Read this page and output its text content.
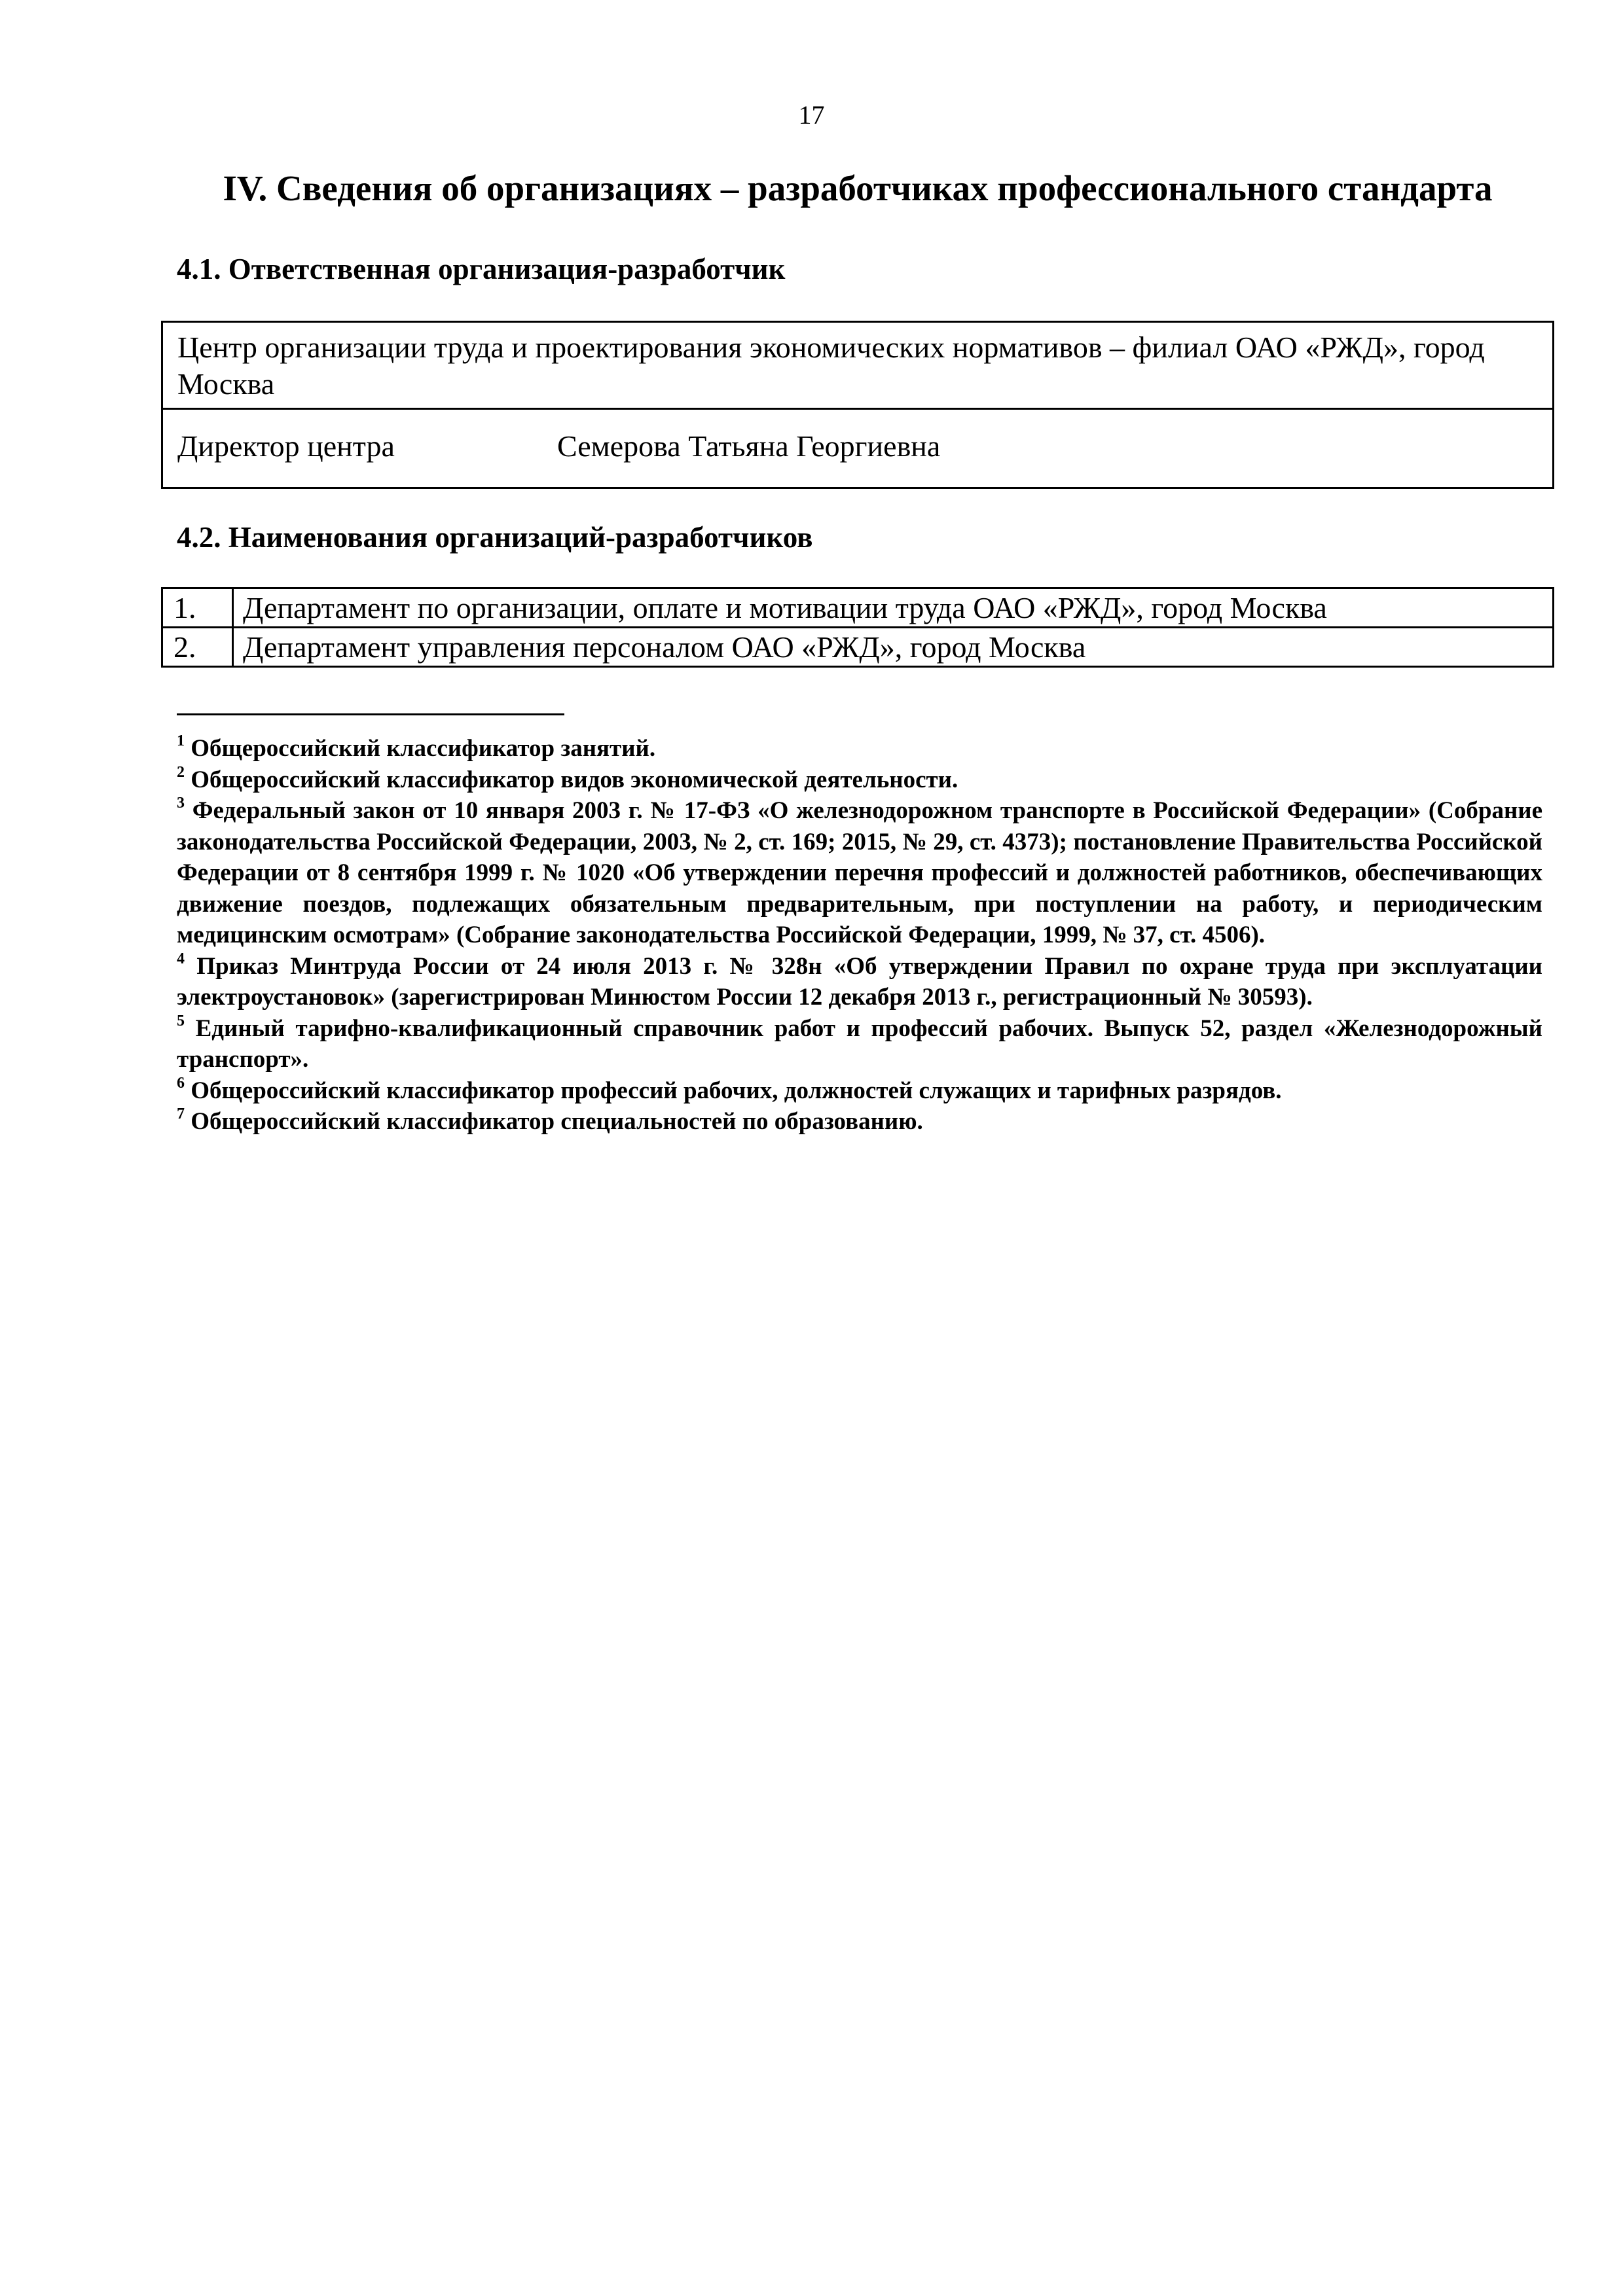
17
IV. Сведения об организациях – разработчиках профессионального стандарта
4.1. Ответственная организация-разработчик
Центр организации труда и проектирования экономических нормативов – филиал ОАО «РЖД», город Москва
Директор центра	Семерова Татьяна Георгиевна
4.2. Наименования организаций-разработчиков
1.	Департамент по организации, оплате и мотивации труда ОАО «РЖД», город Москва
2.	Департамент управления персоналом ОАО «РЖД», город Москва
$^1$ Общероссийский классификатор занятий.
$^2$ Общероссийский классификатор видов экономической деятельности.
$^3$ Федеральный закон от 10 января 2003 г. № 17-ФЗ «О железнодорожном транспорте в Российской Федерации» (Собрание законодательства Российской Федерации, 2003, № 2, ст. 169; 2015, № 29, ст. 4373); постановление Правительства Российской Федерации от 8 сентября 1999 г. № 1020 «Об утверждении перечня профессий и должностей работников, обеспечивающих движение поездов, подлежащих обязательным предварительным, при поступлении на работу, и периодическим медицинским осмотрам» (Собрание законодательства Российской Федерации, 1999, № 37, ст. 4506).
$^4$ Приказ Минтруда России от 24 июля 2013 г. № 328н «Об утверждении Правил по охране труда при эксплуатации электроустановок» (зарегистрирован Минюстом России 12 декабря 2013 г., регистрационный № 30593).
$^5$ Единый тарифно-квалификационный справочник работ и профессий рабочих. Выпуск 52, раздел «Железнодорожный транспорт».
$^6$ Общероссийский классификатор профессий рабочих, должностей служащих и тарифных разрядов.
$^7$ Общероссийский классификатор специальностей по образованию.
